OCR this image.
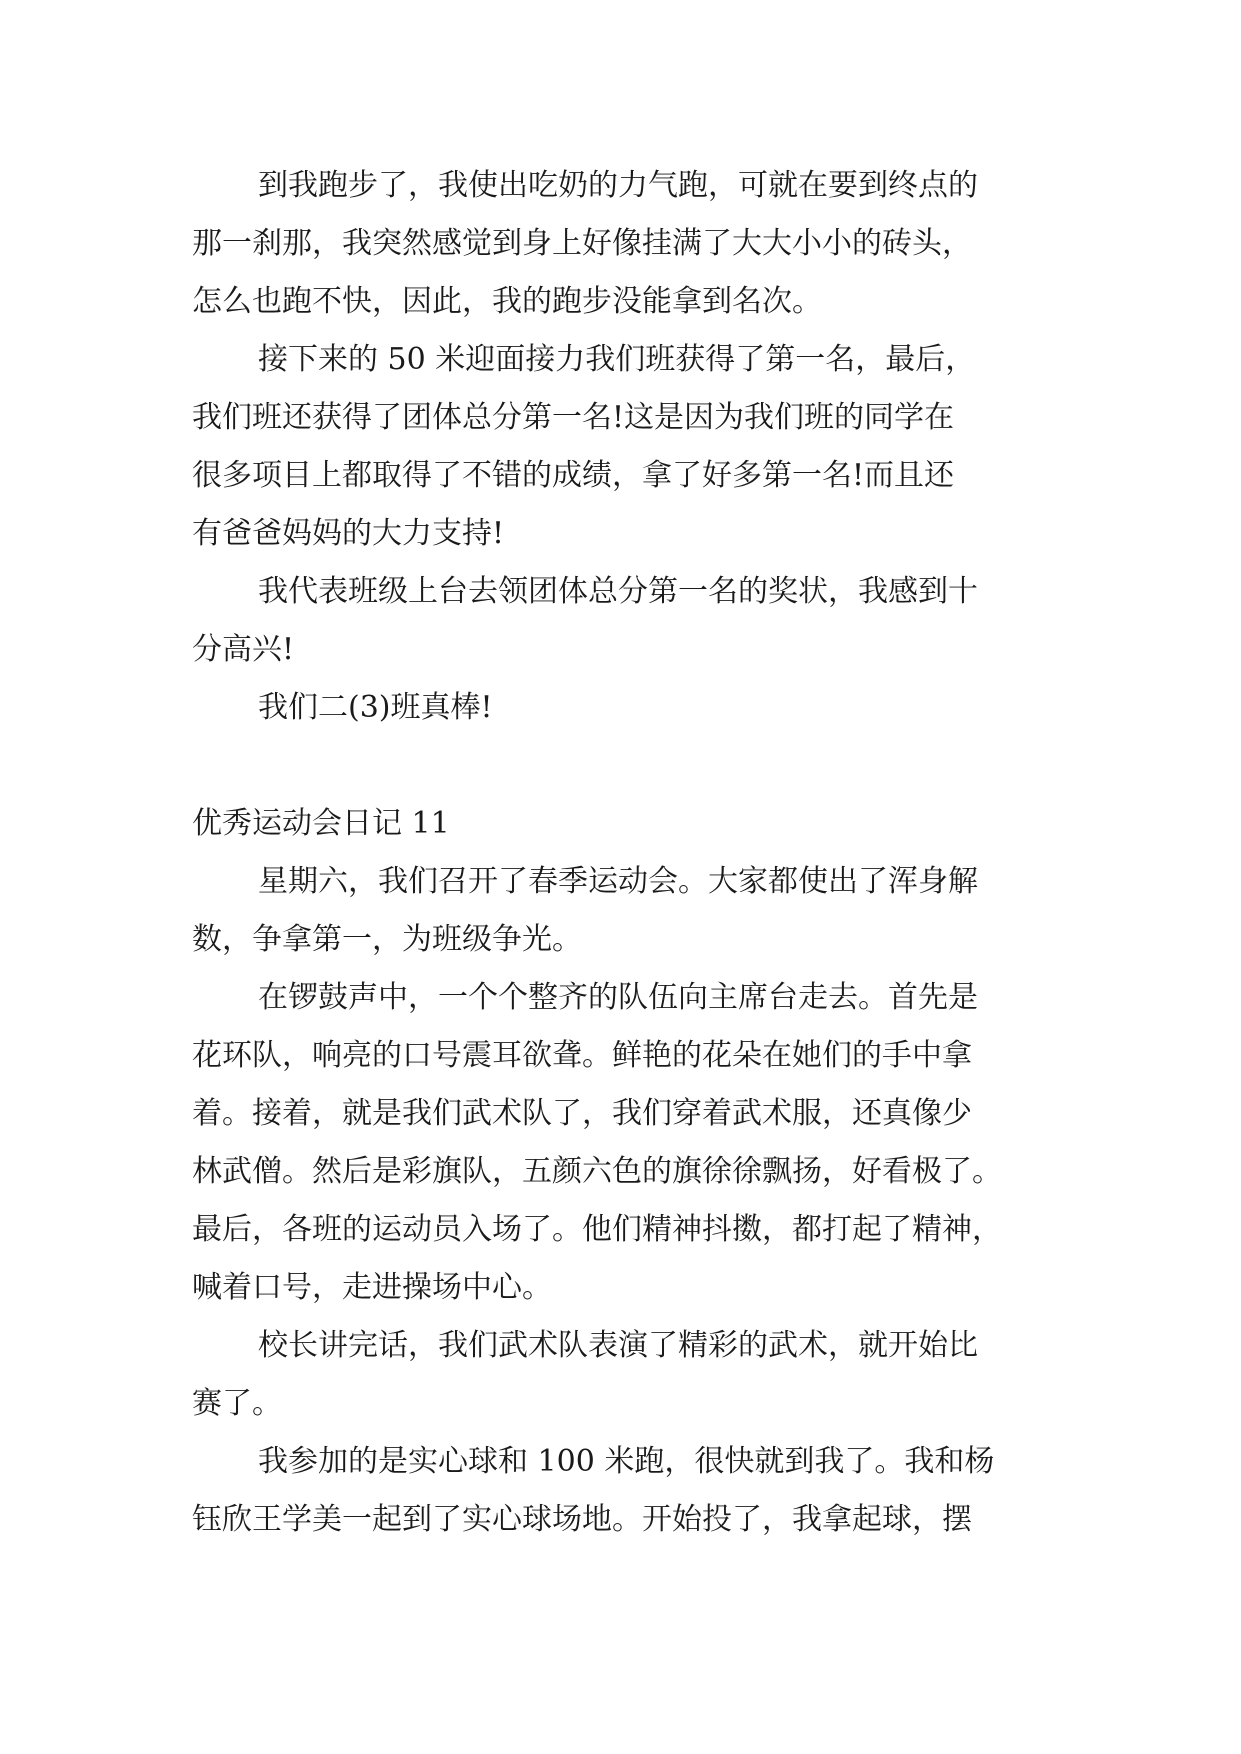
到我跑步了，我使出吃奶的力气跑，可就在要到终点的
那一刹那，我突然感觉到身上好像挂满了大大小小的砖头，
怎么也跑不快，因此，我的跑步没能拿到名次。
接下来的 50 米迎面接力我们班获得了第一名，最后，
我们班还获得了团体总分第一名!这是因为我们班的同学在
很多项目上都取得了不错的成绩，拿了好多第一名!而且还
有爸爸妈妈的大力支持!
我代表班级上台去领团体总分第一名的奖状，我感到十
分高兴!
我们二(3)班真棒!
优秀运动会日记 11
星期六，我们召开了春季运动会。大家都使出了浑身解
数，争拿第一，为班级争光。
在锣鼓声中，一个个整齐的队伍向主席台走去。首先是
花环队，响亮的口号震耳欲聋。鲜艳的花朵在她们的手中拿
着。接着，就是我们武术队了，我们穿着武术服，还真像少
林武僧。然后是彩旗队，五颜六色的旗徐徐飘扬，好看极了。
最后，各班的运动员入场了。他们精神抖擞，都打起了精神，
喊着口号，走进操场中心。
校长讲完话，我们武术队表演了精彩的武术，就开始比
赛了。
我参加的是实心球和 100 米跑，很快就到我了。我和杨
钰欣王学美一起到了实心球场地。开始投了，我拿起球，摆
